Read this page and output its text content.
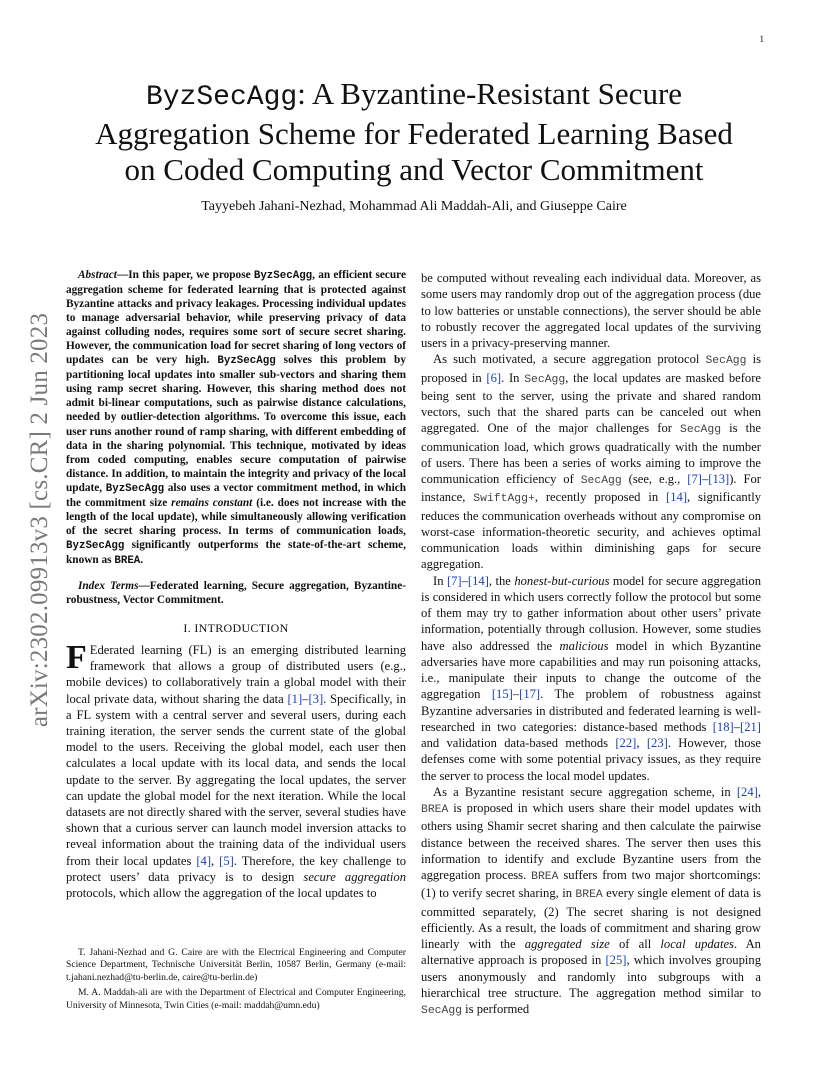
1
arXiv:2302.09913v3 [cs.CR] 2 Jun 2023
ByzSecAgg: A Byzantine-Resistant Secure
Aggregation Scheme for Federated Learning Based
on Coded Computing and Vector Commitment
Tayyebeh Jahani-Nezhad, Mohammad Ali Maddah-Ali, and Giuseppe Caire

Abstract—In this paper, we propose ByzSecAgg, an efficient secure aggregation scheme for federated learning that is protected against Byzantine attacks and privacy leakages. Processing individual updates to manage adversarial behavior, while preserving privacy of data against colluding nodes, requires some sort of secure secret sharing. However, the communication load for secret sharing of long vectors of updates can be very high. ByzSecAgg solves this problem by partitioning local updates into smaller sub-vectors and sharing them using ramp secret sharing. However, this sharing method does not admit bi-linear computations, such as pairwise distance calculations, needed by outlier-detection algorithms. To overcome this issue, each user runs another round of ramp sharing, with different embedding of data in the sharing polynomial. This technique, motivated by ideas from coded computing, enables secure computation of pairwise distance. In addition, to maintain the integrity and privacy of the local update, ByzSecAgg also uses a vector commitment method, in which the commitment size remains constant (i.e. does not increase with the length of the local update), while simultaneously allowing verification of the secret sharing process. In terms of communication loads, ByzSecAgg significantly outperforms the state-of-the-art scheme, known as BREA.

Index Terms—Federated learning, Secure aggregation, Byzantine-robustness, Vector Commitment.

I. INTRODUCTION

F Ederated learning (FL) is an emerging distributed learning framework that allows a group of distributed users (e.g., mobile devices) to collaboratively train a global model with their local private data, without sharing the data [1]–[3]. Specifically, in a FL system with a central server and several users, during each training iteration, the server sends the current state of the global model to the users. Receiving the global model, each user then calculates a local update with its local data, and sends the local update to the server. By aggregating the local updates, the server can update the global model for the next iteration. While the local datasets are not directly shared with the server, several studies have shown that a curious server can launch model inversion attacks to reveal information about the training data of the individual users from their local updates [4], [5]. Therefore, the key challenge to protect users’ data privacy is to design secure aggregation protocols, which allow the aggregation of the local updates to

T. Jahani-Nezhad and G. Caire are with the Electrical Engineering and Computer Science Department, Technische Universität Berlin, 10587 Berlin, Germany (e-mail: t.jahani.nezhad@tu-berlin.de, caire@tu-berlin.de)

M. A. Maddah-ali are with the Department of Electrical and Computer Engineering, University of Minnesota, Twin Cities (e-mail: maddah@umn.edu)

be computed without revealing each individual data. Moreover, as some users may randomly drop out of the aggregation process (due to low batteries or unstable connections), the server should be able to robustly recover the aggregated local updates of the surviving users in a privacy-preserving manner.

As such motivated, a secure aggregation protocol SecAgg is proposed in [6]. In SecAgg, the local updates are masked before being sent to the server, using the private and shared random vectors, such that the shared parts can be canceled out when aggregated. One of the major challenges for SecAgg is the communication load, which grows quadratically with the number of users. There has been a series of works aiming to improve the communication efficiency of SecAgg (see, e.g., [7]–[13]). For instance, SwiftAgg+, recently proposed in [14], significantly reduces the communication overheads without any compromise on worst-case information-theoretic security, and achieves optimal communication loads within diminishing gaps for secure aggregation.

In [7]–[14], the honest-but-curious model for secure aggregation is considered in which users correctly follow the protocol but some of them may try to gather information about other users’ private information, potentially through collusion. However, some studies have also addressed the malicious model in which Byzantine adversaries have more capabilities and may run poisoning attacks, i.e., manipulate their inputs to change the outcome of the aggregation [15]–[17]. The problem of robustness against Byzantine adversaries in distributed and federated learning is well-researched in two categories: distance-based methods [18]–[21] and validation data-based methods [22], [23]. However, those defenses come with some potential privacy issues, as they require the server to process the local model updates.

As a Byzantine resistant secure aggregation scheme, in [24], BREA is proposed in which users share their model updates with others using Shamir secret sharing and then calculate the pairwise distance between the received shares. The server then uses this information to identify and exclude Byzantine users from the aggregation process. BREA suffers from two major shortcomings: (1) to verify secret sharing, in BREA every single element of data is committed separately, (2) The secret sharing is not designed efficiently. As a result, the loads of commitment and sharing grow linearly with the aggregated size of all local updates. An alternative approach is proposed in [25], which involves grouping users anonymously and randomly into subgroups with a hierarchical tree structure. The aggregation method similar to SecAgg is performed
